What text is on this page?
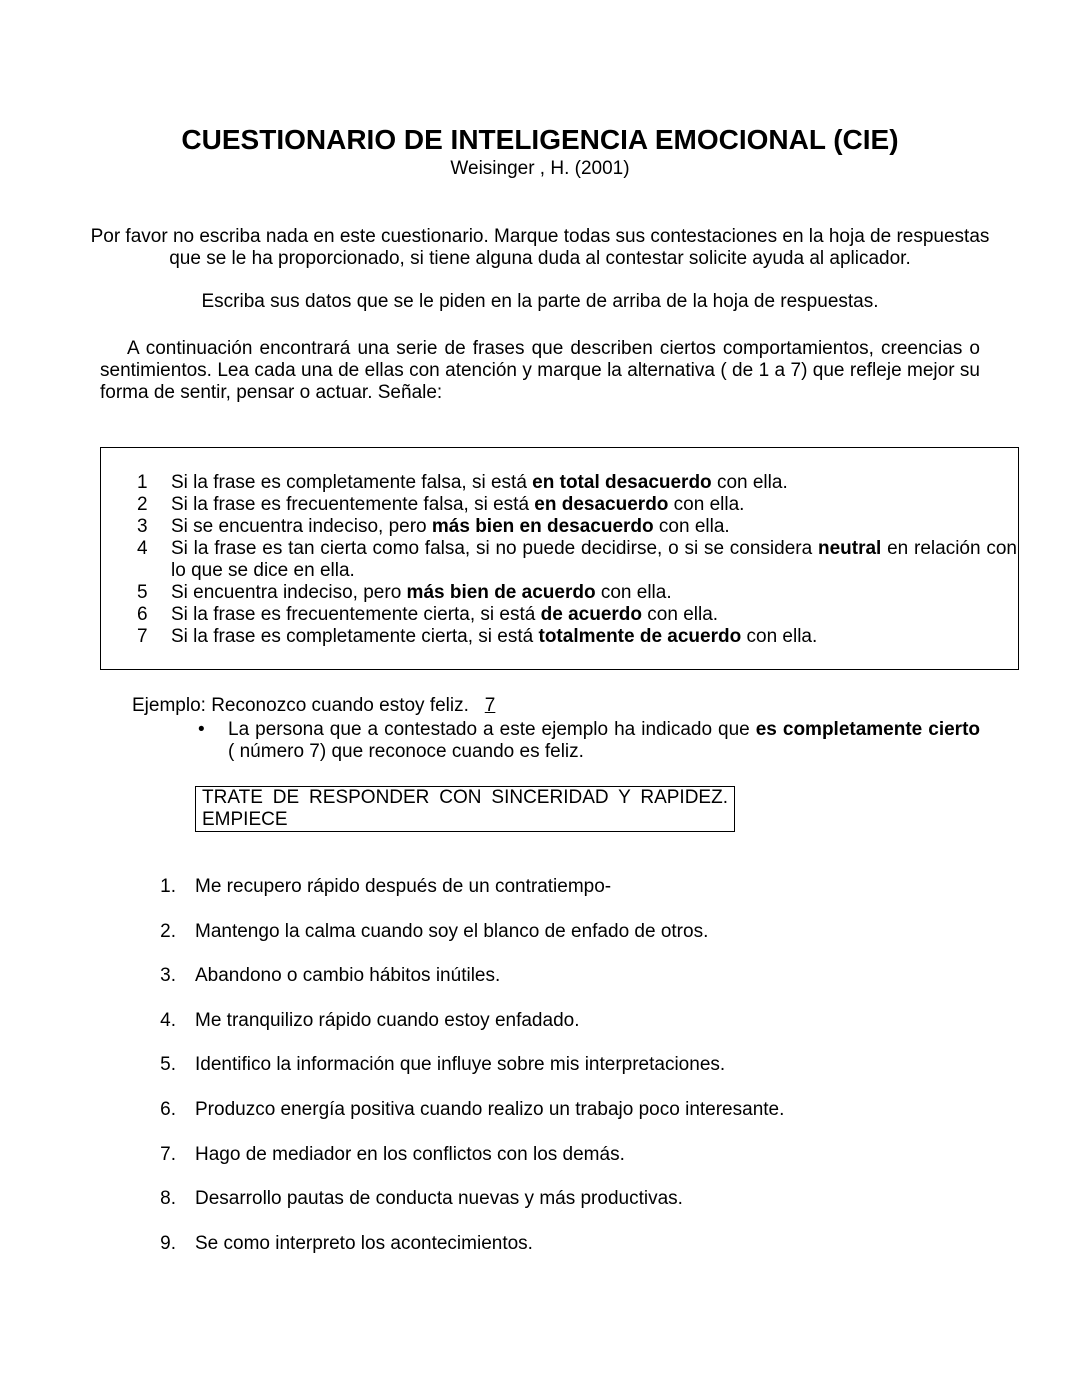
CUESTIONARIO DE INTELIGENCIA EMOCIONAL (CIE)
Weisinger , H. (2001)
Por favor no escriba nada en este cuestionario. Marque todas sus contestaciones en la hoja de respuestas que se le ha proporcionado, si tiene alguna duda al contestar solicite ayuda al aplicador.
Escriba sus datos que se le piden en la parte de arriba de la hoja de respuestas.
A continuación encontrará una serie de frases que describen ciertos comportamientos, creencias o sentimientos. Lea cada una de ellas con atención y marque la alternativa ( de 1 a 7) que refleje mejor su forma de sentir, pensar o actuar. Señale:
1	Si la frase es completamente falsa, si está en total desacuerdo con ella.
2	Si la frase es frecuentemente falsa, si está en desacuerdo con ella.
3	Si se encuentra indeciso, pero más bien en desacuerdo con ella.
4	Si la frase es tan cierta como falsa, si no puede decidirse, o si se considera neutral en relación con lo que se dice en ella.
5	Si encuentra indeciso, pero más bien de acuerdo con ella.
6	Si la frase es frecuentemente cierta, si está de acuerdo con ella.
7	Si la frase es completamente cierta, si está totalmente de acuerdo con ella.
Ejemplo: Reconozco cuando estoy feliz. 7
•	La persona que a contestado a este ejemplo ha indicado que es completamente cierto ( número 7) que reconoce cuando es feliz.
TRATE DE RESPONDER CON SINCERIDAD Y RAPIDEZ.
EMPIECE
1. Me recupero rápido después de un contratiempo-
2. Mantengo la calma cuando soy el blanco de enfado de otros.
3. Abandono o cambio hábitos inútiles.
4. Me tranquilizo rápido cuando estoy enfadado.
5. Identifico la información que influye sobre mis interpretaciones.
6. Produzco energía positiva cuando realizo un trabajo poco interesante.
7. Hago de mediador en los conflictos con los demás.
8. Desarrollo pautas de conducta nuevas y más productivas.
9. Se como interpreto los acontecimientos.
